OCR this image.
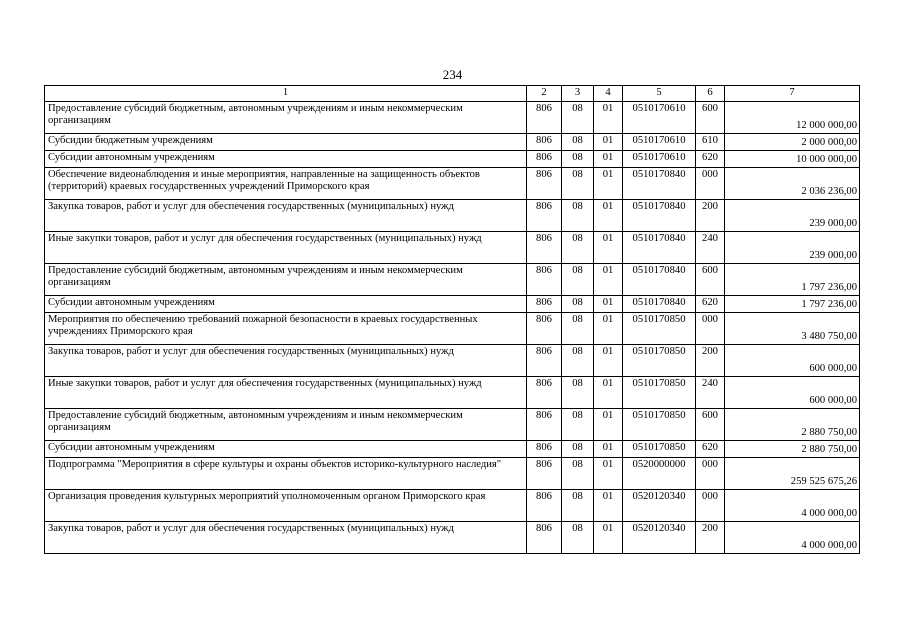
234
1	2	3	4	5	6	7
Предоставление субсидий бюджетным, автономным учреждениям и иным некоммерческим организациям	806	08	01	0510170610	600	12 000 000,00
Субсидии бюджетным учреждениям	806	08	01	0510170610	610	2 000 000,00
Субсидии автономным учреждениям	806	08	01	0510170610	620	10 000 000,00
Обеспечение видеонаблюдения и иные мероприятия, направленные на защищенность объектов (территорий) краевых государственных учреждений Приморского края	806	08	01	0510170840	000	2 036 236,00
Закупка товаров, работ и услуг для обеспечения государственных (муниципальных) нужд	806	08	01	0510170840	200	239 000,00
Иные закупки товаров, работ и услуг для обеспечения государственных (муниципальных) нужд	806	08	01	0510170840	240	239 000,00
Предоставление субсидий бюджетным, автономным учреждениям и иным некоммерческим организациям	806	08	01	0510170840	600	1 797 236,00
Субсидии автономным учреждениям	806	08	01	0510170840	620	1 797 236,00
Мероприятия по обеспечению требований пожарной безопасности в краевых государственных учреждениях Приморского края	806	08	01	0510170850	000	3 480 750,00
Закупка товаров, работ и услуг для обеспечения государственных (муниципальных) нужд	806	08	01	0510170850	200	600 000,00
Иные закупки товаров, работ и услуг для обеспечения государственных (муниципальных) нужд	806	08	01	0510170850	240	600 000,00
Предоставление субсидий бюджетным, автономным учреждениям и иным некоммерческим организациям	806	08	01	0510170850	600	2 880 750,00
Субсидии автономным учреждениям	806	08	01	0510170850	620	2 880 750,00
Подпрограмма "Мероприятия в сфере культуры и охраны объектов историко-культурного наследия"	806	08	01	0520000000	000	259 525 675,26
Организация проведения культурных мероприятий уполномоченным органом Приморского края	806	08	01	0520120340	000	4 000 000,00
Закупка товаров, работ и услуг для обеспечения государственных (муниципальных) нужд	806	08	01	0520120340	200	4 000 000,00
